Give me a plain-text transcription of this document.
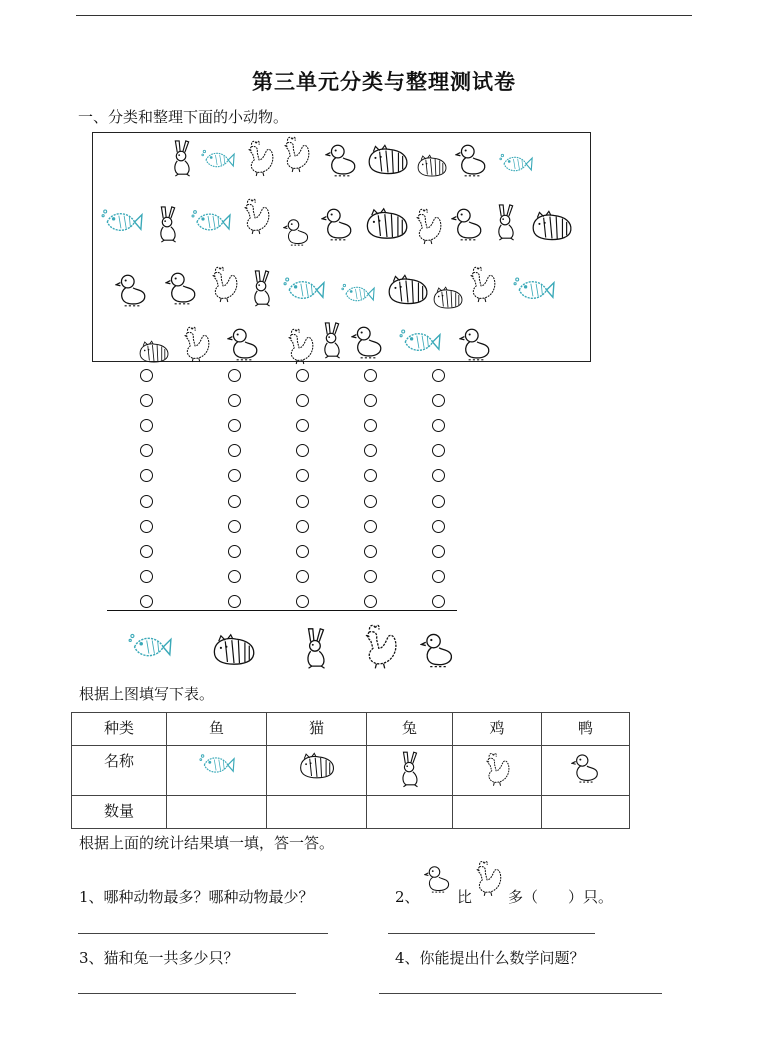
第三单元分类与整理测试卷
一、分类和整理下面的小动物。
根据上图填写下表。
种类	鱼	猫	兔	鸡	鸭
名称					
数量					
根据上面的统计结果填一填，答一答。
1、哪种动物最多？哪种动物最少？	2、 比 多（　　）只。
3、猫和兔一共多少只？	4、你能提出什么数学问题？
